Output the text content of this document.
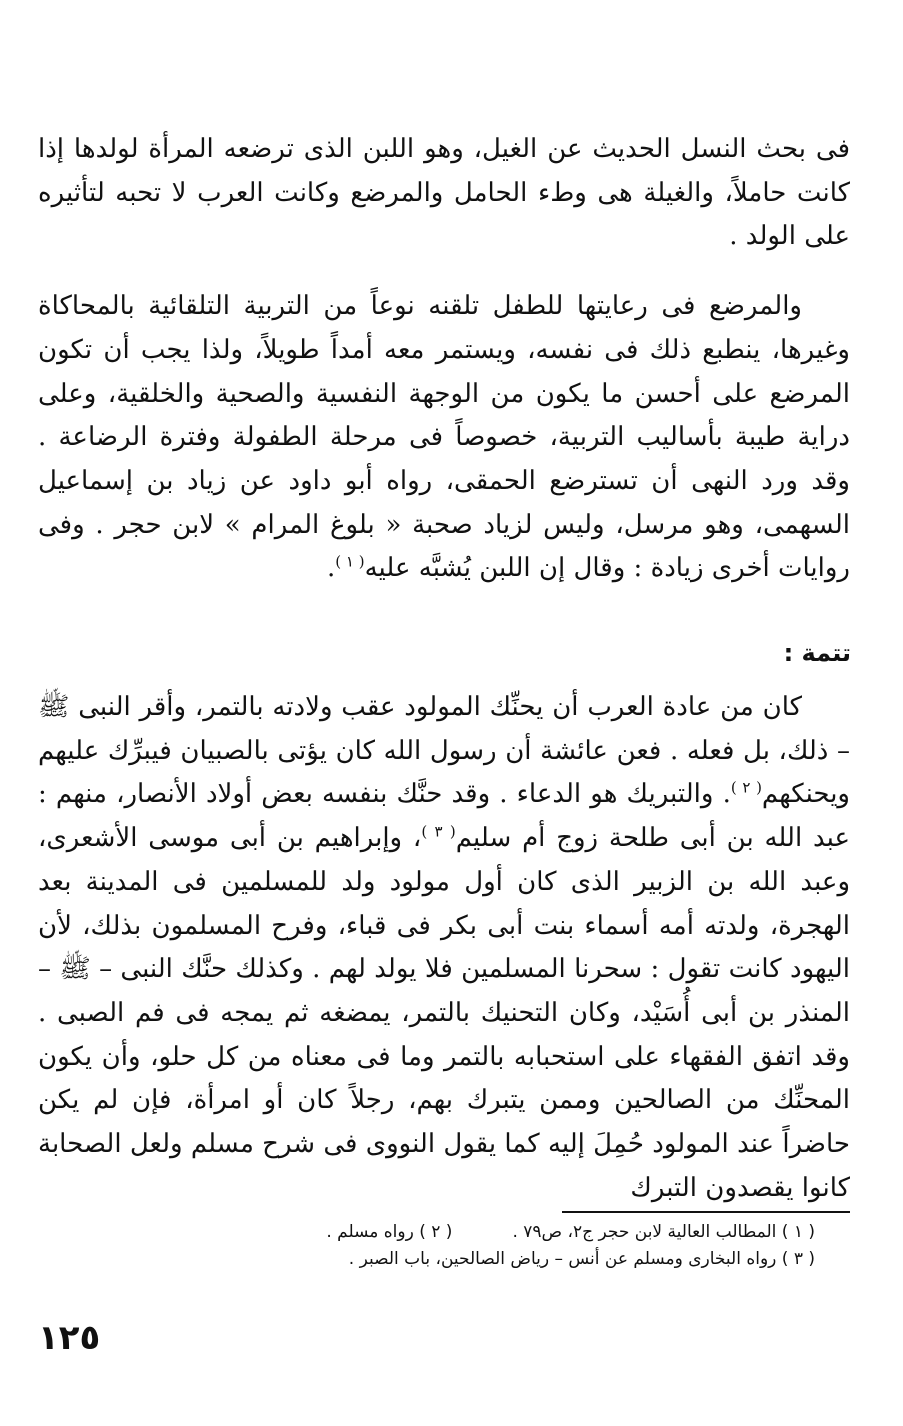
فى بحث النسل الحديث عن الغيل، وهو اللبن الذى ترضعه المرأة لولدها إذا كانت حاملاً، والغيلة هى وطء الحامل والمرضع وكانت العرب لا تحبه لتأثيره على الولد .

والمرضع فى رعايتها للطفل تلقنه نوعاً من التربية التلقائية بالمحاكاة وغيرها، ينطبع ذلك فى نفسه، ويستمر معه أمداً طويلاً، ولذا يجب أن تكون المرضع على أحسن ما يكون من الوجهة النفسية والصحية والخلقية، وعلى دراية طيبة بأساليب التربية، خصوصاً فى مرحلة الطفولة وفترة الرضاعة . وقد ورد النهى أن تسترضع الحمقى، رواه أبو داود عن زياد بن إسماعيل السهمى، وهو مرسل، وليس لزياد صحبة « بلوغ المرام » لابن حجر . وفى روايات أخرى زيادة : وقال إن اللبن يُشبَّه عليه$^{( ١ )}$.

تتمة :

كان من عادة العرب أن يحنِّك المولود عقب ولادته بالتمر، وأقر النبى ﷺ – ذلك، بل فعله . فعن عائشة أن رسول الله كان يؤتى بالصبيان فيبرِّك عليهم ويحنكهم$^{( ٢ )}$. والتبريك هو الدعاء . وقد حنَّك بنفسه بعض أولاد الأنصار، منهم : عبد الله بن أبى طلحة زوج أم سليم$^{( ٣ )}$، وإبراهيم بن أبى موسى الأشعرى، وعبد الله بن الزبير الذى كان أول مولود ولد للمسلمين فى المدينة بعد الهجرة، ولدته أمه أسماء بنت أبى بكر فى قباء، وفرح المسلمون بذلك، لأن اليهود كانت تقول : سحرنا المسلمين فلا يولد لهم . وكذلك حنَّك النبى – ﷺ – المنذر بن أبى أُسَيْد، وكان التحنيك بالتمر، يمضغه ثم يمجه فى فم الصبى . وقد اتفق الفقهاء على استحبابه بالتمر وما فى معناه من كل حلو، وأن يكون المحنِّك من الصالحين وممن يتبرك بهم، رجلاً كان أو امرأة، فإن لم يكن حاضراً عند المولود حُمِلَ إليه كما يقول النووى فى شرح مسلم ولعل الصحابة كانوا يقصدون التبرك

( ١ ) المطالب العالية لابن حجر ج٢، ص٧٩ .
( ٢ ) رواه مسلم .
( ٣ ) رواه البخارى ومسلم عن أنس – رياض الصالحين، باب الصبر .
١٢٥
